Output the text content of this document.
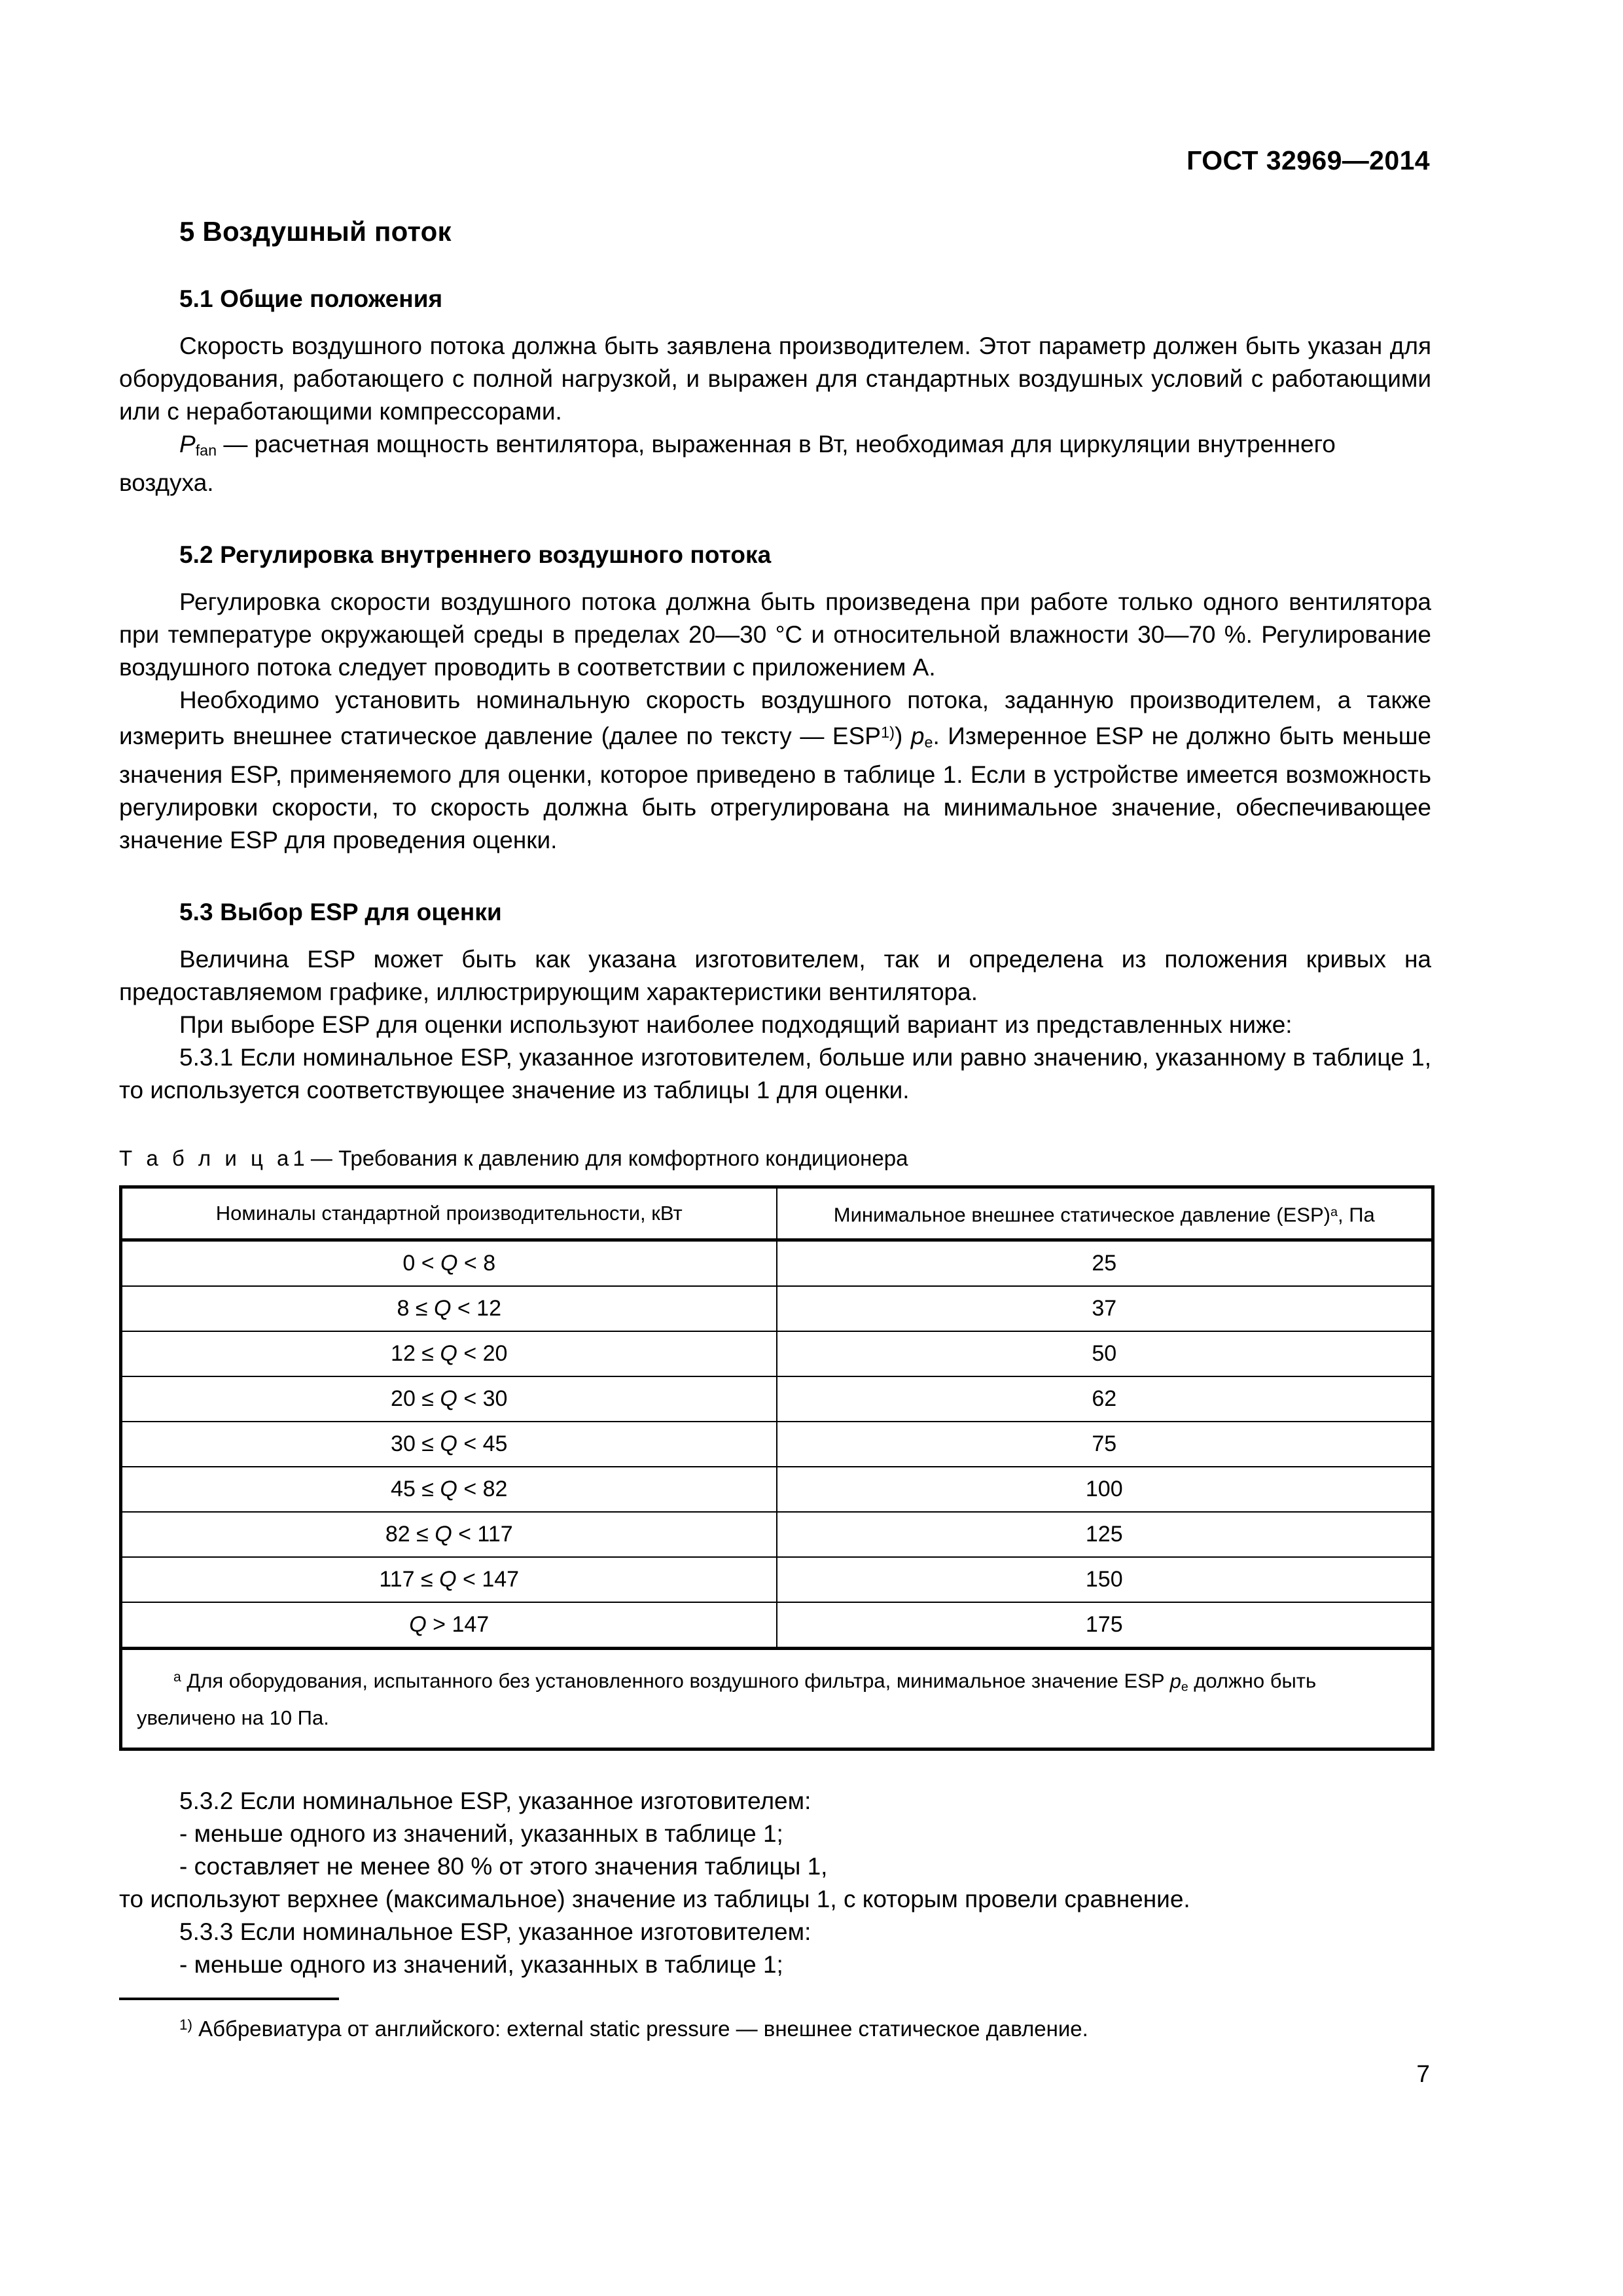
ГОСТ 32969—2014
5 Воздушный поток
5.1 Общие положения

Скорость воздушного потока должна быть заявлена производителем. Этот параметр должен быть указан для оборудования, работающего с полной нагрузкой, и выражен для стандартных воздушных условий с работающими или с неработающими компрессорами.

$P_{fan}$ — расчетная мощность вентилятора, выраженная в Вт, необходимая для циркуляции внутреннего воздуха.

5.2 Регулировка внутреннего воздушного потока

Регулировка скорости воздушного потока должна быть произведена при работе только одного вентилятора при температуре окружающей среды в пределах 20—30 °C и относительной влажности 30—70 %. Регулирование воздушного потока следует проводить в соответствии с приложением А.

Необходимо установить номинальную скорость воздушного потока, заданную производителем, а также измерить внешнее статическое давление (далее по тексту — ESP$^{1)}$) $p_e$. Измеренное ESP не должно быть меньше значения ESP, применяемого для оценки, которое приведено в таблице 1. Если в устройстве имеется возможность регулировки скорости, то скорость должна быть отрегулирована на минимальное значение, обеспечивающее значение ESP для проведения оценки.

5.3 Выбор ESP для оценки

Величина ESP может быть как указана изготовителем, так и определена из положения кривых на предоставляемом графике, иллюстрирующим характеристики вентилятора.

При выборе ESP для оценки используют наиболее подходящий вариант из представленных ниже:

5.3.1 Если номинальное ESP, указанное изготовителем, больше или равно значению, указанному в таблице 1, то используется соответствующее значение из таблицы 1 для оценки.

Т а б л и ц а1 — Требования к давлению для комфортного кондиционера
Номиналы стандартной производительности, кВт	Минимальное внешнее статическое давление (ESP)$^a$, Па
0 < Q < 8	25
8 ≤ Q < 12	37
12 ≤ Q < 20	50
20 ≤ Q < 30	62
30 ≤ Q < 45	75
45 ≤ Q < 82	100
82 ≤ Q < 117	125
117 ≤ Q < 147	150
Q > 147	175

$^a$ Для оборудования, испытанного без установленного воздушного фильтра, минимальное значение ESP $p_e$ должно быть увеличено на 10 Па.	

5.3.2 Если номинальное ESP, указанное изготовителем:

- меньше одного из значений, указанных в таблице 1;

- составляет не менее 80 % от этого значения таблицы 1,

то используют верхнее (максимальное) значение из таблицы 1, с которым провели сравнение.

5.3.3 Если номинальное ESP, указанное изготовителем:

- меньше одного из значений, указанных в таблице 1;

$^{1)}$ Аббревиатура от английского: external static pressure — внешнее статическое давление.
7
